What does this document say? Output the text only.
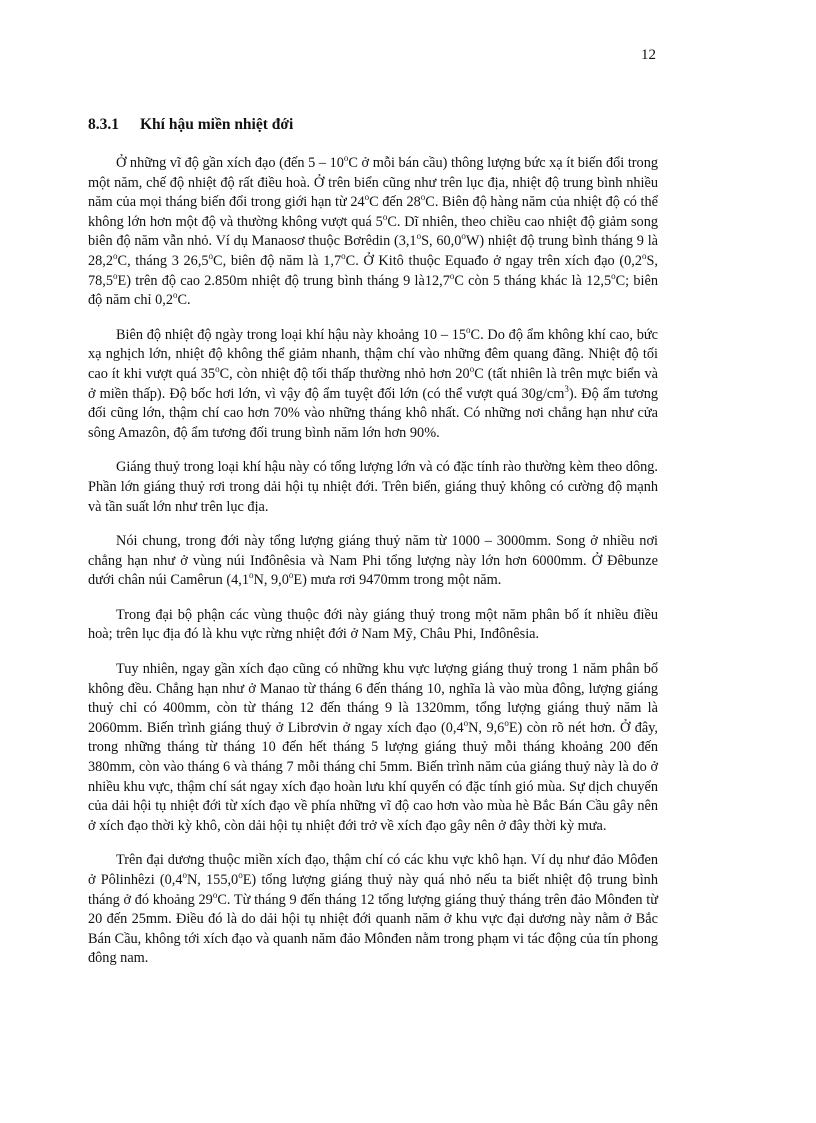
12
8.3.1 Khí hậu miền nhiệt đới

Ở những vĩ độ gần xích đạo (đến 5 – 10$^o$C ở mỗi bán cầu) thông lượng bức xạ ít biến đổi trong một năm, chế độ nhiệt độ rất điều hoà. Ở trên biển cũng như trên lục địa, nhiệt độ trung bình nhiều năm của mọi tháng biến đổi trong giới hạn từ 24$^o$C đến 28$^o$C. Biên độ hàng năm của nhiệt độ có thể không lớn hơn một độ và thường không vượt quá 5$^o$C. Dĩ nhiên, theo chiều cao nhiệt độ giảm song biên độ năm vẫn nhỏ. Ví dụ Manaosơ thuộc Bơrêdin (3,1$^o$S, 60,0$^o$W) nhiệt độ trung bình tháng 9 là 28,2$^o$C, tháng 3 26,5$^o$C, biên độ năm là 1,7$^o$C. Ở Kitô thuộc Equađo ở ngay trên xích đạo (0,2$^o$S, 78,5$^o$E) trên độ cao 2.850m nhiệt độ trung bình tháng 9 là12,7$^o$C còn 5 tháng khác là 12,5$^o$C; biên độ năm chỉ 0,2$^o$C.

Biên độ nhiệt độ ngày trong loại khí hậu này khoảng 10 – 15$^o$C. Do độ ẩm không khí cao, bức xạ nghịch lớn, nhiệt độ không thể giảm nhanh, thậm chí vào những đêm quang đãng. Nhiệt độ tối cao ít khi vượt quá 35$^o$C, còn nhiệt độ tối thấp thường nhỏ hơn 20$^o$C (tất nhiên là trên mực biển và ở miền thấp). Độ bốc hơi lớn, vì vậy độ ẩm tuyệt đối lớn (có thể vượt quá $30g/cm^3$). Độ ẩm tương đối cũng lớn, thậm chí cao hơn 70% vào những tháng khô nhất. Có những nơi chẳng hạn như cửa sông Amazôn, độ ẩm tương đối trung bình năm lớn hơn 90%.

Giáng thuỷ trong loại khí hậu này có tổng lượng lớn và có đặc tính rào thường kèm theo dông. Phần lớn giáng thuỷ rơi trong dải hội tụ nhiệt đới. Trên biển, giáng thuỷ không có cường độ mạnh và tần suất lớn như trên lục địa.

Nói chung, trong đới này tổng lượng giáng thuỷ năm từ 1000 – 3000mm. Song ở nhiều nơi chẳng hạn như ở vùng núi Inđônêsia và Nam Phi tổng lượng này lớn hơn 6000mm. Ở Đêbunze dưới chân núi Camêrun (4,1$^o$N, 9,0$^o$E) mưa rơi 9470mm trong một năm.

Trong đại bộ phận các vùng thuộc đới này giáng thuỷ trong một năm phân bố ít nhiều điều hoà; trên lục địa đó là khu vực rừng nhiệt đới ở Nam Mỹ, Châu Phi, Inđônêsia.

Tuy nhiên, ngay gần xích đạo cũng có những khu vực lượng giáng thuỷ trong 1 năm phân bố không đều. Chẳng hạn như ở Manao từ tháng 6 đến tháng 10, nghĩa là vào mùa đông, lượng giáng thuỷ chỉ có 400mm, còn từ tháng 12 đến tháng 9 là 1320mm, tổng lượng giáng thuỷ năm là 2060mm. Biến trình giáng thuỷ ở Librơvin ở ngay xích đạo (0,4$^o$N, 9,6$^o$E) còn rõ nét hơn. Ở đây, trong những tháng từ tháng 10 đến hết tháng 5 lượng giáng thuỷ mỗi tháng khoảng 200 đến 380mm, còn vào tháng 6 và tháng 7 mỗi tháng chỉ 5mm. Biến trình năm của giáng thuỷ này là do ở nhiều khu vực, thậm chí sát ngay xích đạo hoàn lưu khí quyển có đặc tính gió mùa. Sự dịch chuyển của dải hội tụ nhiệt đới từ xích đạo về phía những vĩ độ cao hơn vào mùa hè Bắc Bán Cầu gây nên ở xích đạo thời kỳ khô, còn dải hội tụ nhiệt đới trở về xích đạo gây nên ở đây thời kỳ mưa.

Trên đại dương thuộc miền xích đạo, thậm chí có các khu vực khô hạn. Ví dụ như đảo Môđen ở Pôlinhêzi (0,4$^o$N, 155,0$^o$E) tổng lượng giáng thuỷ này quá nhỏ nếu ta biết nhiệt độ trung bình tháng ở đó khoảng 29$^o$C. Từ tháng 9 đến tháng 12 tổng lượng giáng thuỷ tháng trên đảo Mônđen từ 20 đến 25mm. Điều đó là do dải hội tụ nhiệt đới quanh năm ở khu vực đại dương này nằm ở Bắc Bán Cầu, không tới xích đạo và quanh năm đảo Mônđen nằm trong phạm vi tác động của tín phong đông nam.
